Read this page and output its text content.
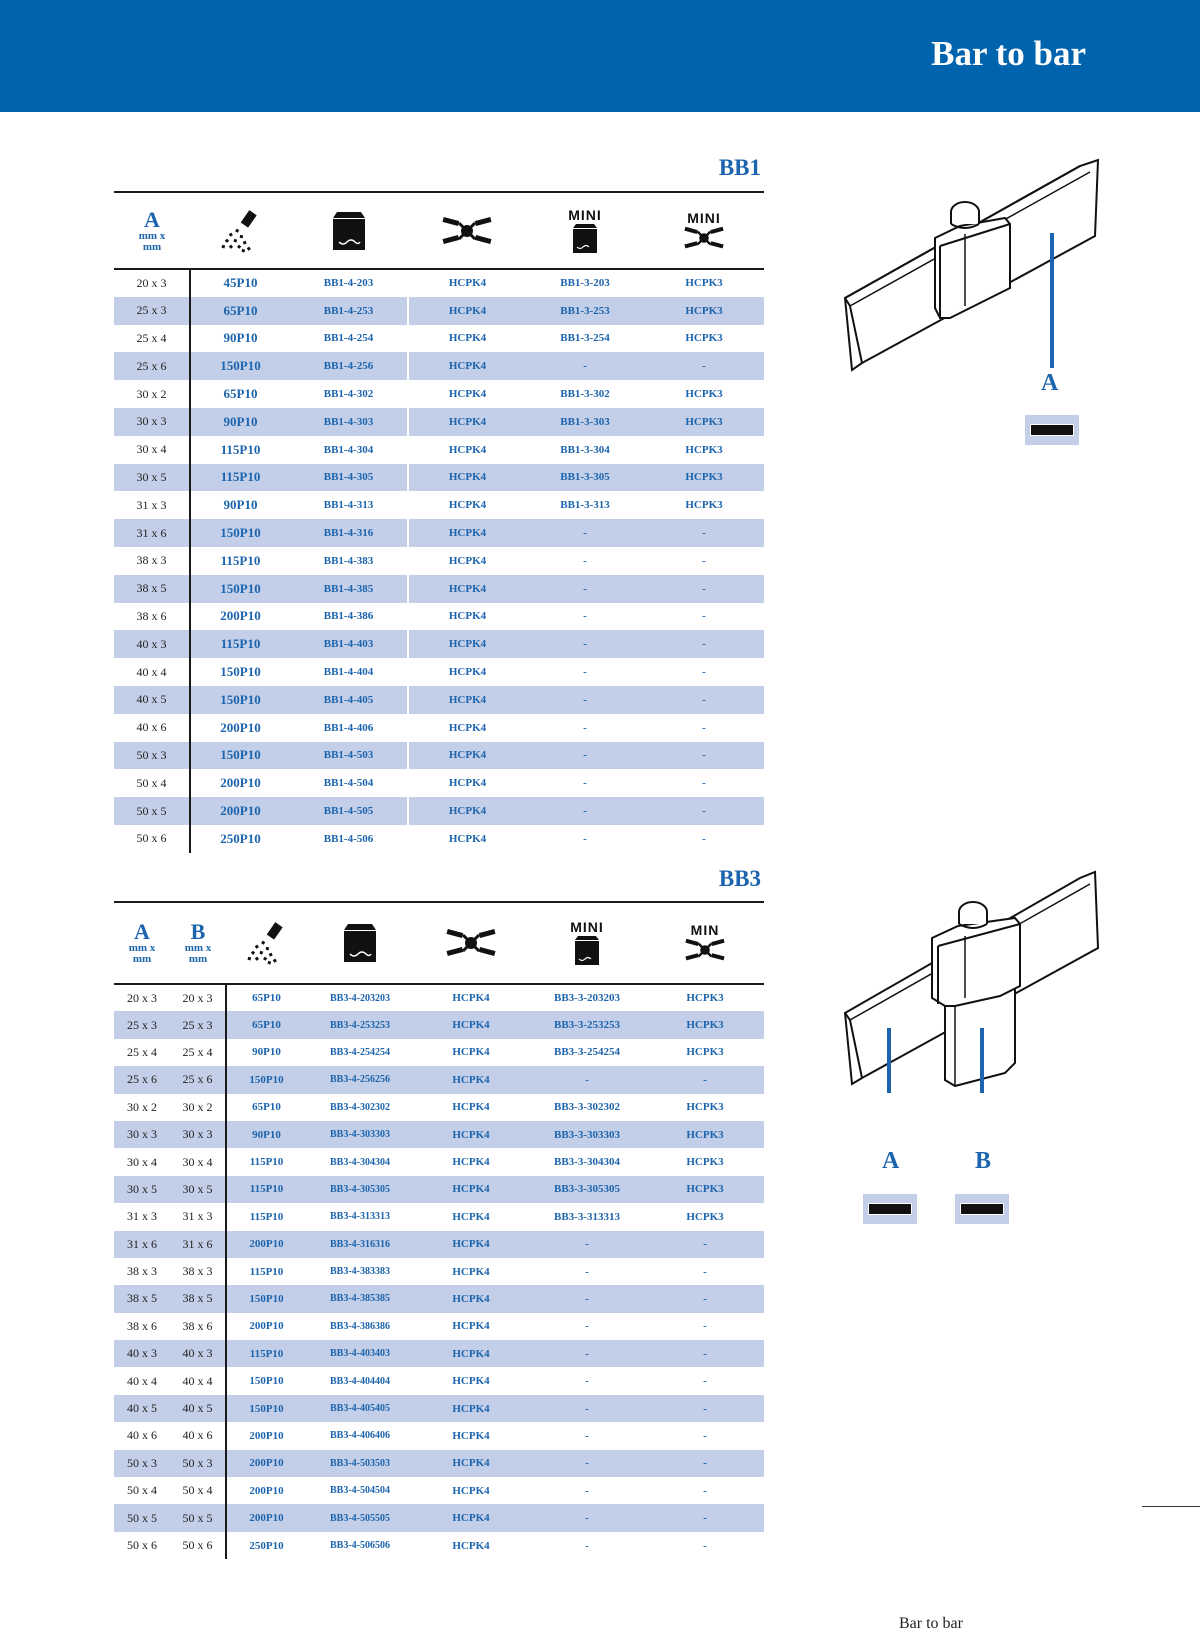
Bar to bar
BB1
A
mm x mm				MINI	MINI

20 x 3	45P10	BB1-4-203	HCPK4	BB1-3-203	HCPK3
25 x 3	65P10	BB1-4-253	HCPK4	BB1-3-253	HCPK3
25 x 4	90P10	BB1-4-254	HCPK4	BB1-3-254	HCPK3
25 x 6	150P10	BB1-4-256	HCPK4	-	-
30 x 2	65P10	BB1-4-302	HCPK4	BB1-3-302	HCPK3
30 x 3	90P10	BB1-4-303	HCPK4	BB1-3-303	HCPK3
30 x 4	115P10	BB1-4-304	HCPK4	BB1-3-304	HCPK3
30 x 5	115P10	BB1-4-305	HCPK4	BB1-3-305	HCPK3
31 x 3	90P10	BB1-4-313	HCPK4	BB1-3-313	HCPK3
31 x 6	150P10	BB1-4-316	HCPK4	-	-
38 x 3	115P10	BB1-4-383	HCPK4	-	-
38 x 5	150P10	BB1-4-385	HCPK4	-	-
38 x 6	200P10	BB1-4-386	HCPK4	-	-
40 x 3	115P10	BB1-4-403	HCPK4	-	-
40 x 4	150P10	BB1-4-404	HCPK4	-	-
40 x 5	150P10	BB1-4-405	HCPK4	-	-
40 x 6	200P10	BB1-4-406	HCPK4	-	-
50 x 3	150P10	BB1-4-503	HCPK4	-	-
50 x 4	200P10	BB1-4-504	HCPK4	-	-
50 x 5	200P10	BB1-4-505	HCPK4	-	-
50 x 6	250P10	BB1-4-506	HCPK4	-	-
A
BB3
A
mm x mm	B
mm x mm				MINI	MIN

20 x 3	20 x 3	65P10	BB3-4-203203	HCPK4	BB3-3-203203	HCPK3
25 x 3	25 x 3	65P10	BB3-4-253253	HCPK4	BB3-3-253253	HCPK3
25 x 4	25 x 4	90P10	BB3-4-254254	HCPK4	BB3-3-254254	HCPK3
25 x 6	25 x 6	150P10	BB3-4-256256	HCPK4	-	-
30 x 2	30 x 2	65P10	BB3-4-302302	HCPK4	BB3-3-302302	HCPK3
30 x 3	30 x 3	90P10	BB3-4-303303	HCPK4	BB3-3-303303	HCPK3
30 x 4	30 x 4	115P10	BB3-4-304304	HCPK4	BB3-3-304304	HCPK3
30 x 5	30 x 5	115P10	BB3-4-305305	HCPK4	BB3-3-305305	HCPK3
31 x 3	31 x 3	115P10	BB3-4-313313	HCPK4	BB3-3-313313	HCPK3
31 x 6	31 x 6	200P10	BB3-4-316316	HCPK4	-	-
38 x 3	38 x 3	115P10	BB3-4-383383	HCPK4	-	-
38 x 5	38 x 5	150P10	BB3-4-385385	HCPK4	-	-
38 x 6	38 x 6	200P10	BB3-4-386386	HCPK4	-	-
40 x 3	40 x 3	115P10	BB3-4-403403	HCPK4	-	-
40 x 4	40 x 4	150P10	BB3-4-404404	HCPK4	-	-
40 x 5	40 x 5	150P10	BB3-4-405405	HCPK4	-	-
40 x 6	40 x 6	200P10	BB3-4-406406	HCPK4	-	-
50 x 3	50 x 3	200P10	BB3-4-503503	HCPK4	-	-
50 x 4	50 x 4	200P10	BB3-4-504504	HCPK4	-	-
50 x 5	50 x 5	200P10	BB3-4-505505	HCPK4	-	-
50 x 6	50 x 6	250P10	BB3-4-506506	HCPK4	-	-
A	B
Bar to bar
